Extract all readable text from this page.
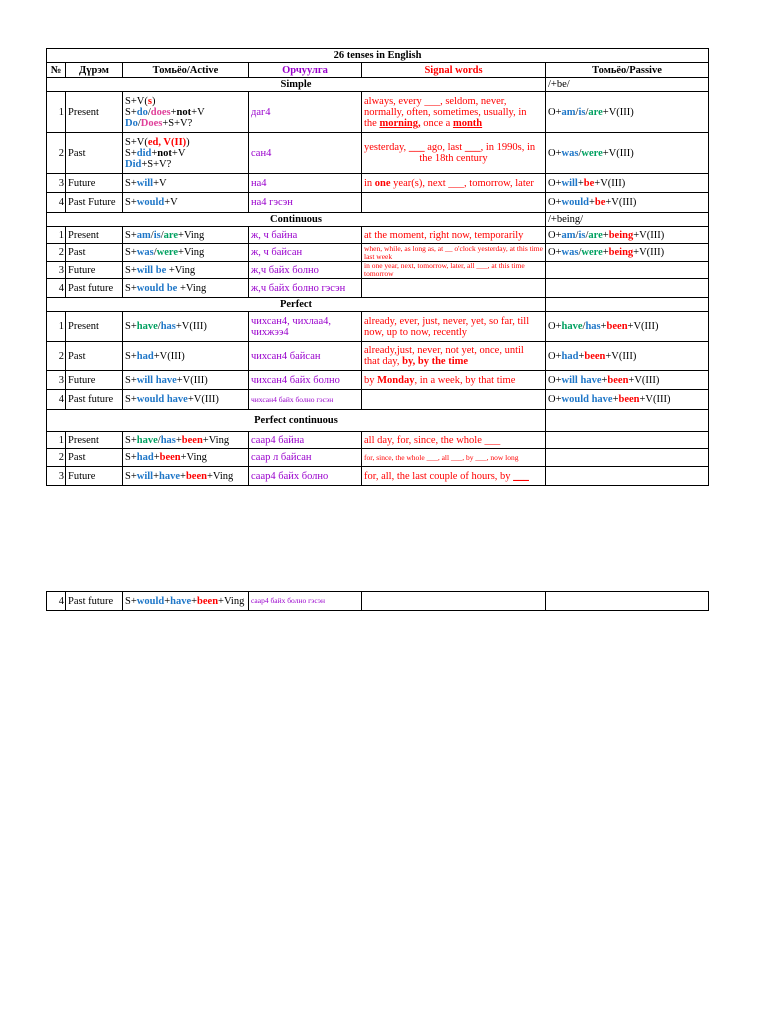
26 tenses in English					
№	Дүрэм	Томьёо/Active	Орчуулга	Signal words	Томьёо/Passive
Simple					/+be/
1	Present	S+V(s)
S+do/does+not+V
Do/Does+S+V?	даг4	always, every ___, seldom, never,
normally, often, sometimes, usually, in
the morning, once a month	O+am/is/are+V(III)
2	Past	S+V(ed, V(II))
S+did+not+V
Did+S+V?	сан4	yesterday, ___ ago, last ___, in 1990s, in
the 18th century	O+was/were+V(III)
3	Future	S+will+V	на4	in one year(s), next ___, tomorrow, later	O+will+be+V(III)
4	Past Future	S+would+V	на4 гэсэн		O+would+be+V(III)
Continuous					/+being/
1	Present	S+am/is/are+Ving	ж, ч байна	at the moment, right now, temporarily	O+am/is/are+being+V(III)
2	Past	S+was/were+Ving	ж, ч байсан	when, while, as long as, at __ o'clock yesterday, at this time last week	O+was/were+being+V(III)
3	Future	S+will be +Ving	ж,ч байх болно	in one year, next, tomorrow, later, all ___, at this time tomorrow	
4	Past future	S+would be +Ving	ж,ч байх болно гэсэн		
Perfect					
1	Present	S+have/has+V(III)	чихсан4, чихлаа4, чихжээ4	already, ever, just, never, yet, so far, till now, up to now, recently	O+have/has+been+V(III)
2	Past	S+had+V(III)	чихсан4 байсан	already,just, never, not yet, once, until
that day, by, by the time	O+had+been+V(III)
3	Future	S+will have+V(III)	чихсан4 байх болно	by Monday, in a week, by that time	O+will have+been+V(III)
4	Past future	S+would have+V(III)	чихсан4 байх болно гэсэн		O+would have+been+V(III)
Perfect continuous					
1	Present	S+have/has+been+Ving	саар4 байна	all day, for, since, the whole ___	
2	Past	S+had+been+Ving	саар л байсан	for, since, the whole ___, all ___, by ___, now long	
3	Future	S+will+have+been+Ving	саар4 байх болно	for, all, the last couple of hours, by ___	
4	Past future	S+would+have+been+Ving	саар4 байх болно гэсэн		
